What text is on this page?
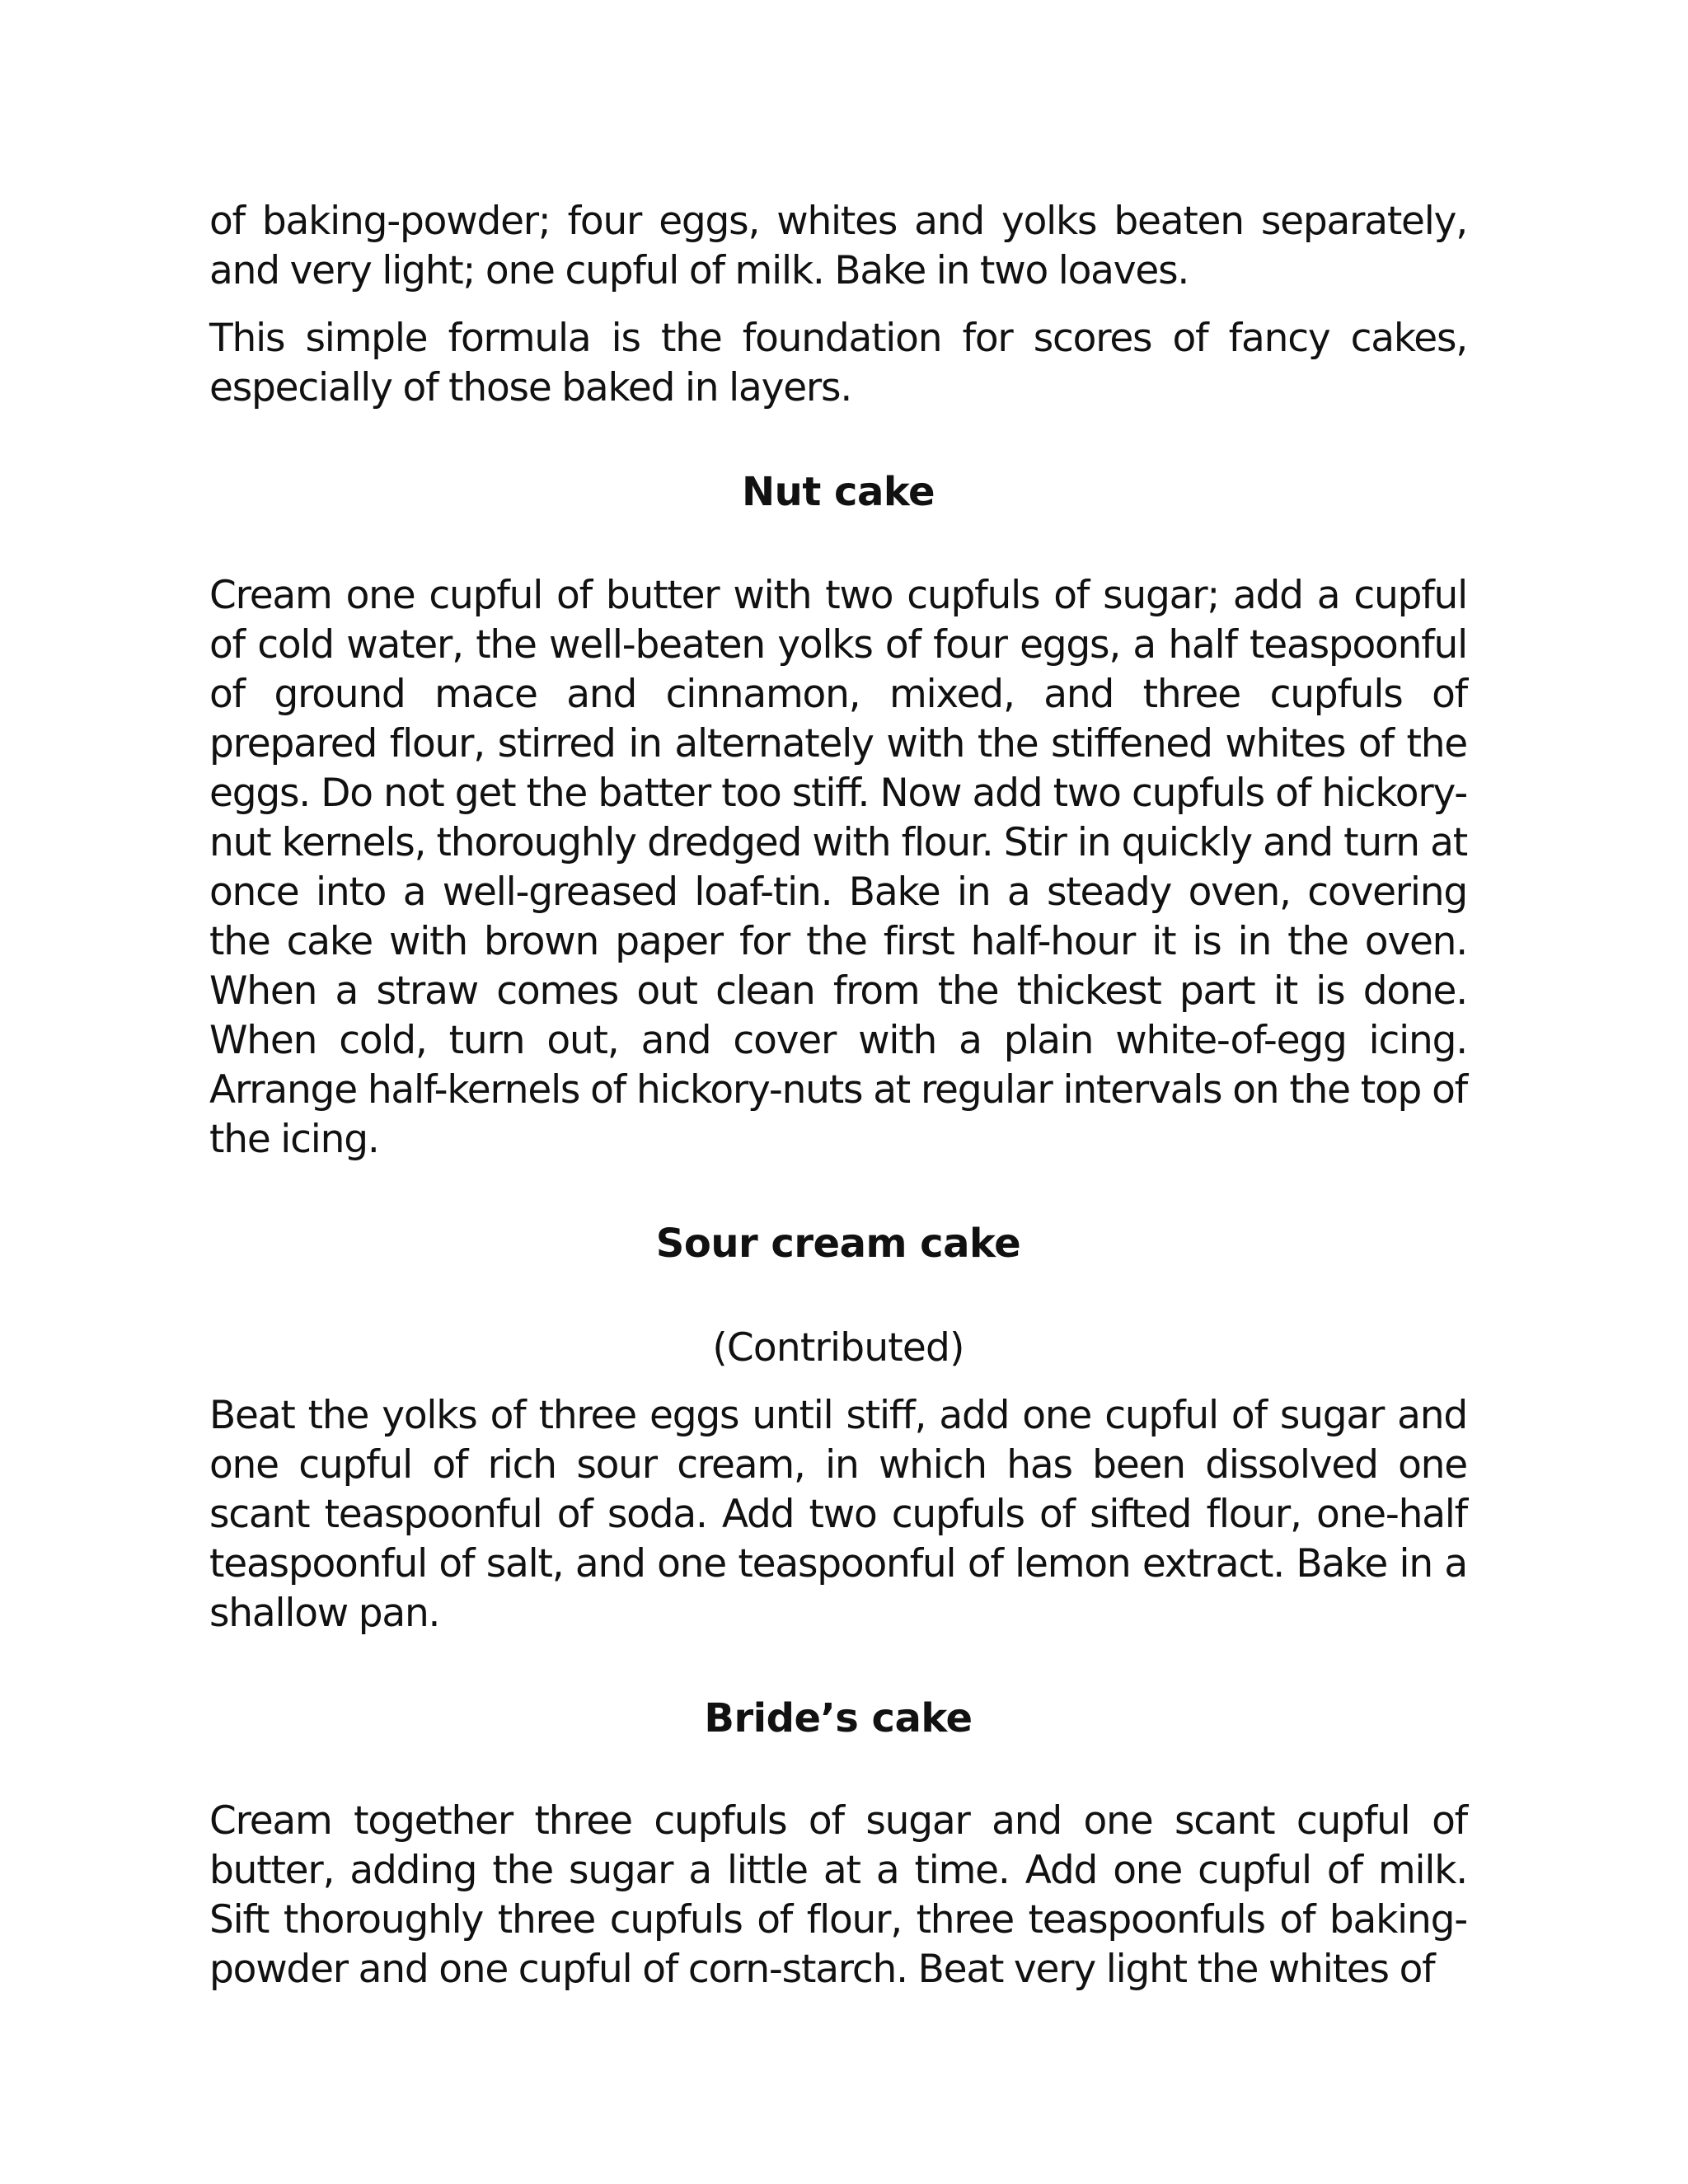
of baking-powder; four eggs, whites and yolks beaten separately, and very light; one cupful of milk. Bake in two loaves.

This simple formula is the foundation for scores of fancy cakes, especially of those baked in layers.

Nut cake

Cream one cupful of butter with two cupfuls of sugar; add a cupful of cold water, the well-beaten yolks of four eggs, a half teaspoonful of ground mace and cinnamon, mixed, and three cupfuls of prepared flour, stirred in alternately with the stiffened whites of the eggs. Do not get the batter too stiff. Now add two cupfuls of hickory-nut kernels, thoroughly dredged with flour. Stir in quickly and turn at once into a well-greased loaf-tin. Bake in a steady oven, covering the cake with brown paper for the first half-hour it is in the oven. When a straw comes out clean from the thickest part it is done. When cold, turn out, and cover with a plain white-of-egg icing. Arrange half-kernels of hickory-nuts at regular intervals on the top of the icing.

Sour cream cake

(Contributed)

Beat the yolks of three eggs until stiff, add one cupful of sugar and one cupful of rich sour cream, in which has been dissolved one scant teaspoonful of soda. Add two cupfuls of sifted flour, one-half teaspoonful of salt, and one teaspoonful of lemon extract. Bake in a shallow pan.

Bride’s cake

Cream together three cupfuls of sugar and one scant cupful of butter, adding the sugar a little at a time. Add one cupful of milk. Sift thoroughly three cupfuls of flour, three teaspoonfuls of baking-powder and one cupful of corn-starch. Beat very light the whites of
